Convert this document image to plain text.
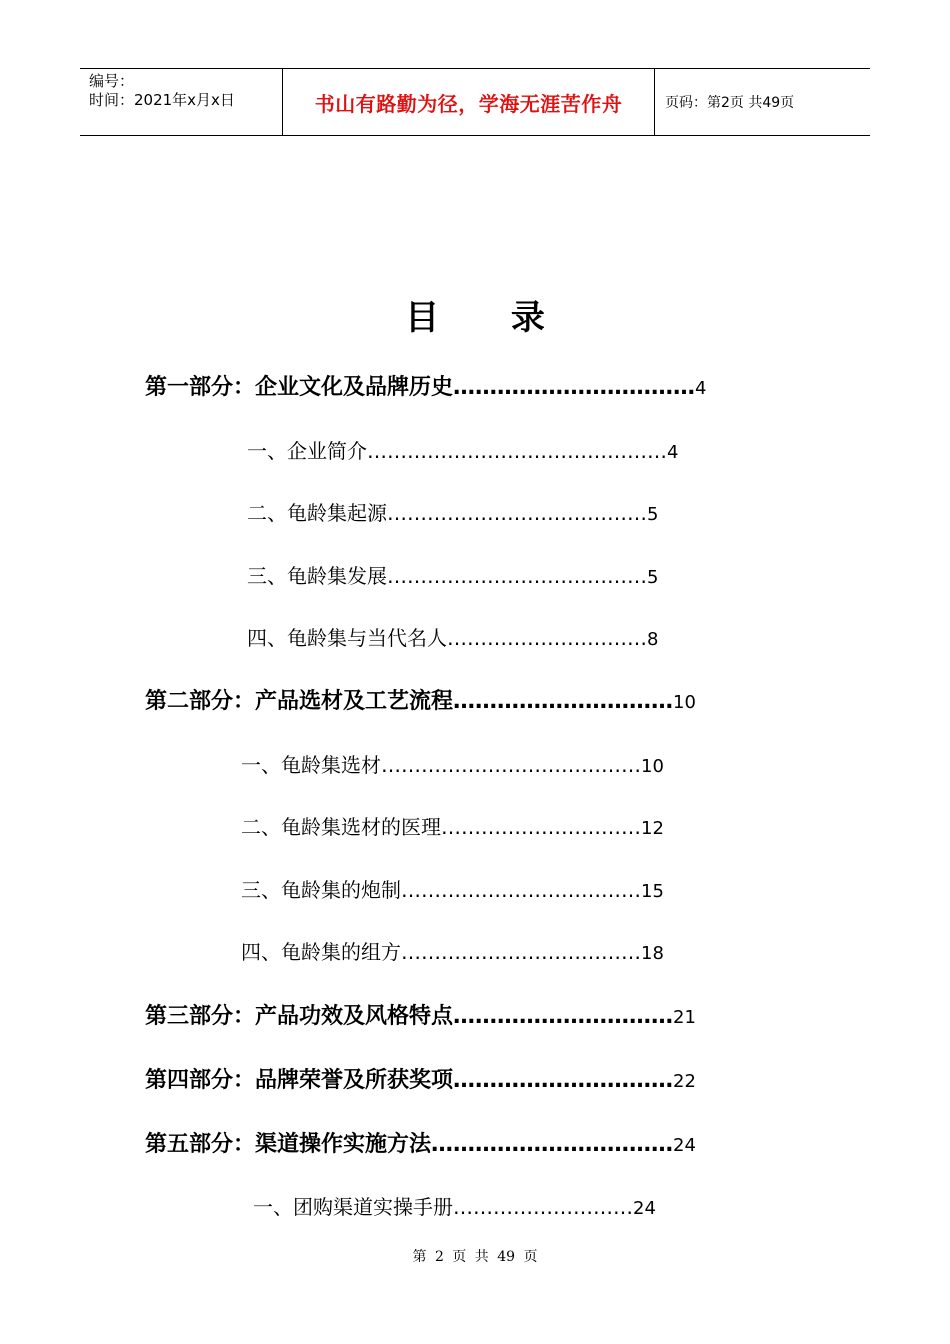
编号：
时间：2021年x月x日	书山有路勤为径，学海无涯苦作舟	页码：第2页 共49页
目 录
第一部分：企业文化及品牌历史……………………………4
一、企业简介………………………………………4
二、龟龄集起源…………………………………5
三、龟龄集发展…………………………………5
四、龟龄集与当代名人…………………………8
第二部分：产品选材及工艺流程…………………………10
一、龟龄集选材…………………………………10
二、龟龄集选材的医理…………………………12
三、龟龄集的炮制………………………………15
四、龟龄集的组方………………………………18
第三部分：产品功效及风格特点…………………………21
第四部分：品牌荣誉及所获奖项…………………………22
第五部分：渠道操作实施方法……………………………24
一、团购渠道实操手册………………………24
第 2 页 共 49 页
